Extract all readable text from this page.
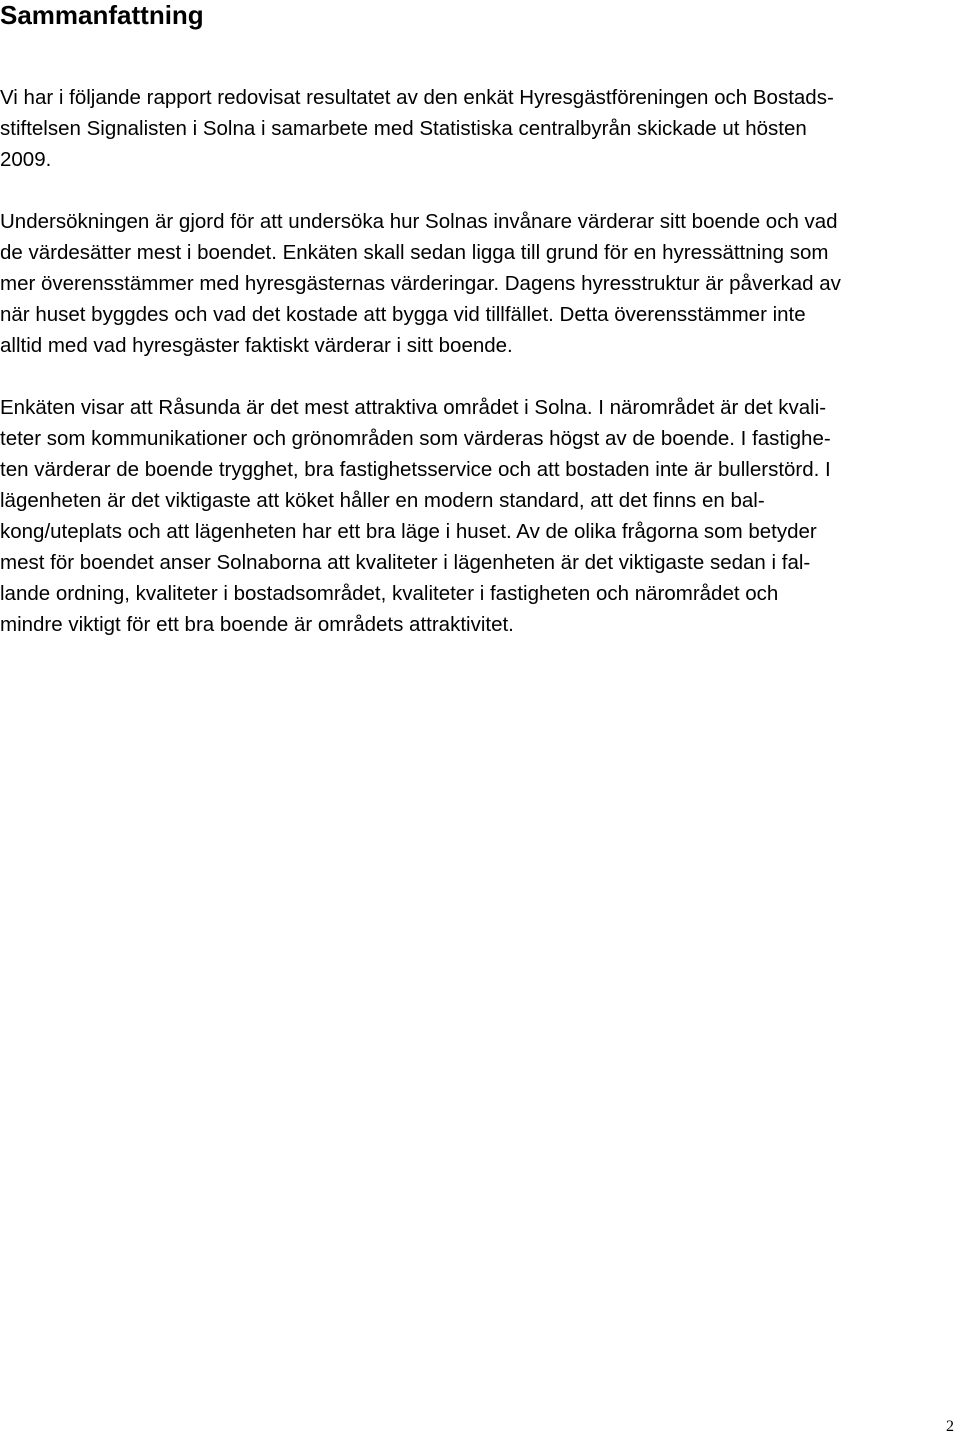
Sammanfattning

Vi har i följande rapport redovisat resultatet av den enkät Hyresgästföreningen och Bostads-

stiftelsen Signalisten i Solna i samarbete med Statistiska centralbyrån skickade ut hösten

2009.

Undersökningen är gjord för att undersöka hur Solnas invånare värderar sitt boende och vad

de värdesätter mest i boendet. Enkäten skall sedan ligga till grund för en hyressättning som

mer överensstämmer med hyresgästernas värderingar. Dagens hyresstruktur är påverkad av

när huset byggdes och vad det kostade att bygga vid tillfället. Detta överensstämmer inte

alltid med vad hyresgäster faktiskt värderar i sitt boende.

Enkäten visar att Råsunda är det mest attraktiva området i Solna. I närområdet är det kvali-

teter som kommunikationer och grönområden som värderas högst av de boende. I fastighe-

ten värderar de boende trygghet, bra fastighetsservice och att bostaden inte är bullerstörd. I

lägenheten är det viktigaste att köket håller en modern standard, att det finns en bal-

kong/uteplats och att lägenheten har ett bra läge i huset. Av de olika frågorna som betyder

mest för boendet anser Solnaborna att kvaliteter i lägenheten är det viktigaste sedan i fal-

lande ordning, kvaliteter i bostadsområdet, kvaliteter i fastigheten och närområdet och

mindre viktigt för ett bra boende är områdets attraktivitet.

2
